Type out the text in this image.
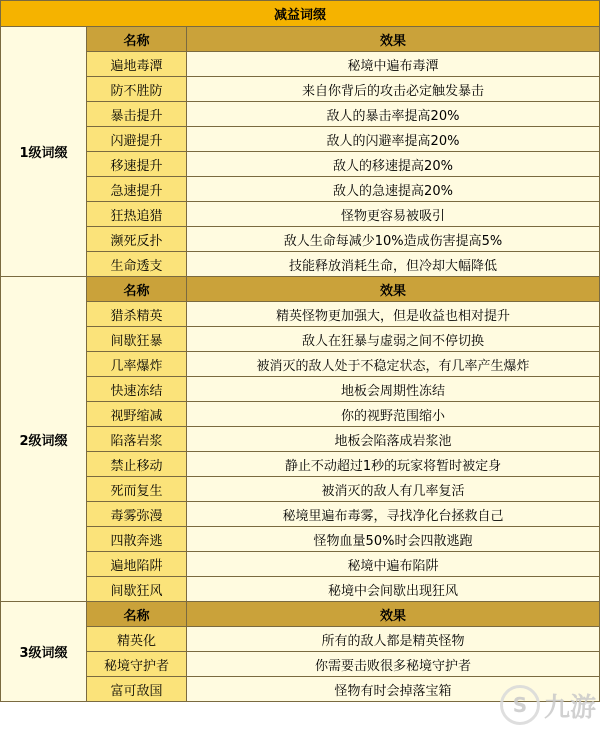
减益词缀		
1级词缀	名称	效果
	遍地毒潭	秘境中遍布毒潭
	防不胜防	来自你背后的攻击必定触发暴击
	暴击提升	敌人的暴击率提高20%
	闪避提升	敌人的闪避率提高20%
	移速提升	敌人的移速提高20%
	急速提升	敌人的急速提高20%
	狂热追猎	怪物更容易被吸引
	濒死反扑	敌人生命每减少10%造成伤害提高5%
	生命透支	技能释放消耗生命，但冷却大幅降低
2级词缀	名称	效果
	猎杀精英	精英怪物更加强大，但是收益也相对提升
	间歇狂暴	敌人在狂暴与虚弱之间不停切换
	几率爆炸	被消灭的敌人处于不稳定状态，有几率产生爆炸
	快速冻结	地板会周期性冻结
	视野缩减	你的视野范围缩小
	陷落岩浆	地板会陷落成岩浆池
	禁止移动	静止不动超过1秒的玩家将暂时被定身
	死而复生	被消灭的敌人有几率复活
	毒雾弥漫	秘境里遍布毒雾，寻找净化台拯救自己
	四散奔逃	怪物血量50%时会四散逃跑
	遍地陷阱	秘境中遍布陷阱
	间歇狂风	秘境中会间歇出现狂风
3级词缀	名称	效果
	精英化	所有的敌人都是精英怪物
	秘境守护者	你需要击败很多秘境守护者
	富可敌国	怪物有时会掉落宝箱
S 九游
